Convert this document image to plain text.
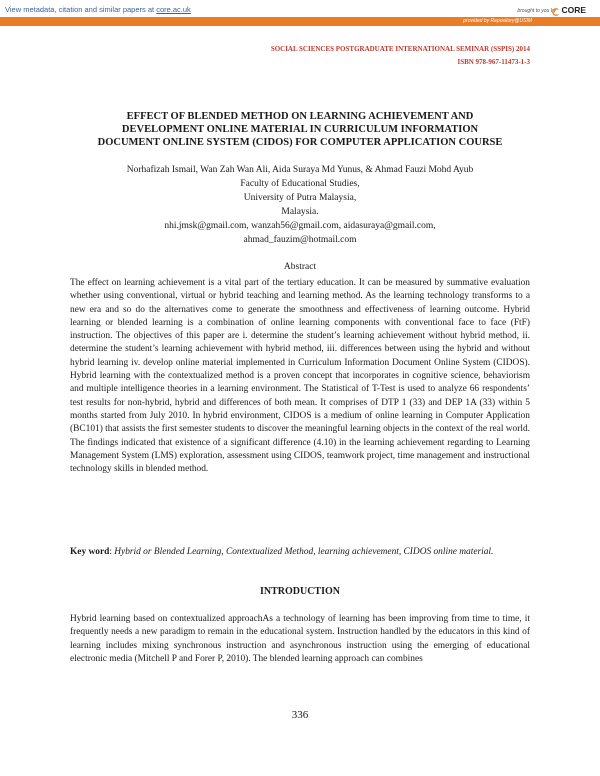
View metadata, citation and similar papers at core.ac.uk	brought to you by CORE
provided by Repository@USIM
SOCIAL SCIENCES POSTGRADUATE INTERNATIONAL SEMINAR (SSPIS) 2014
ISBN 978-967-11473-1-3
EFFECT OF BLENDED METHOD ON LEARNING ACHIEVEMENT AND
DEVELOPMENT ONLINE MATERIAL IN CURRICULUM INFORMATION
DOCUMENT ONLINE SYSTEM (CIDOS) FOR COMPUTER APPLICATION COURSE
Norhafizah Ismail, Wan Zah Wan Ali, Aida Suraya Md Yunus, & Ahmad Fauzi Mohd Ayub
Faculty of Educational Studies,
University of Putra Malaysia,
Malaysia.
nhi.jmsk@gmail.com, wanzah56@gmail.com, aidasuraya@gmail.com,
ahmad_fauzim@hotmail.com
Abstract

The effect on learning achievement is a vital part of the tertiary education. It can be measured by summative evaluation whether using conventional, virtual or hybrid teaching and learning method. As the learning technology transforms to a new era and so do the alternatives come to generate the smoothness and effectiveness of learning outcome. Hybrid learning or blended learning is a combination of online learning components with conventional face to face (FtF) instruction. The objectives of this paper are i. determine the student’s learning achievement without hybrid method, ii. determine the student’s learning achievement with hybrid method, iii. differences between using the hybrid and without hybrid learning iv. develop online material implemented in Curriculum Information Document Online System (CIDOS). Hybrid learning with the contextualized method is a proven concept that incorporates in cognitive science, behaviorism and multiple intelligence theories in a learning environment. The Statistical of T-Test is used to analyze 66 respondents’ test results for non-hybrid, hybrid and differences of both mean. It comprises of DTP 1 (33) and DEP 1A (33) within 5 months started from July 2010. In hybrid environment, CIDOS is a medium of online learning in Computer Application (BC101) that assists the first semester students to discover the meaningful learning objects in the context of the real world. The findings indicated that existence of a significant difference (4.10) in the learning achievement regarding to Learning Management System (LMS) exploration, assessment using CIDOS, teamwork project, time management and instructional technology skills in blended method.

Key word: Hybrid or Blended Learning, Contextualized Method, learning achievement, CIDOS online material.

INTRODUCTION

Hybrid learning based on contextualized approachAs a technology of learning has been improving from time to time, it frequently needs a new paradigm to remain in the educational system. Instruction handled by the educators in this kind of learning includes mixing synchronous instruction and asynchronous instruction using the emerging of educational electronic media (Mitchell P and Forer P, 2010). The blended learning approach can combines

336
